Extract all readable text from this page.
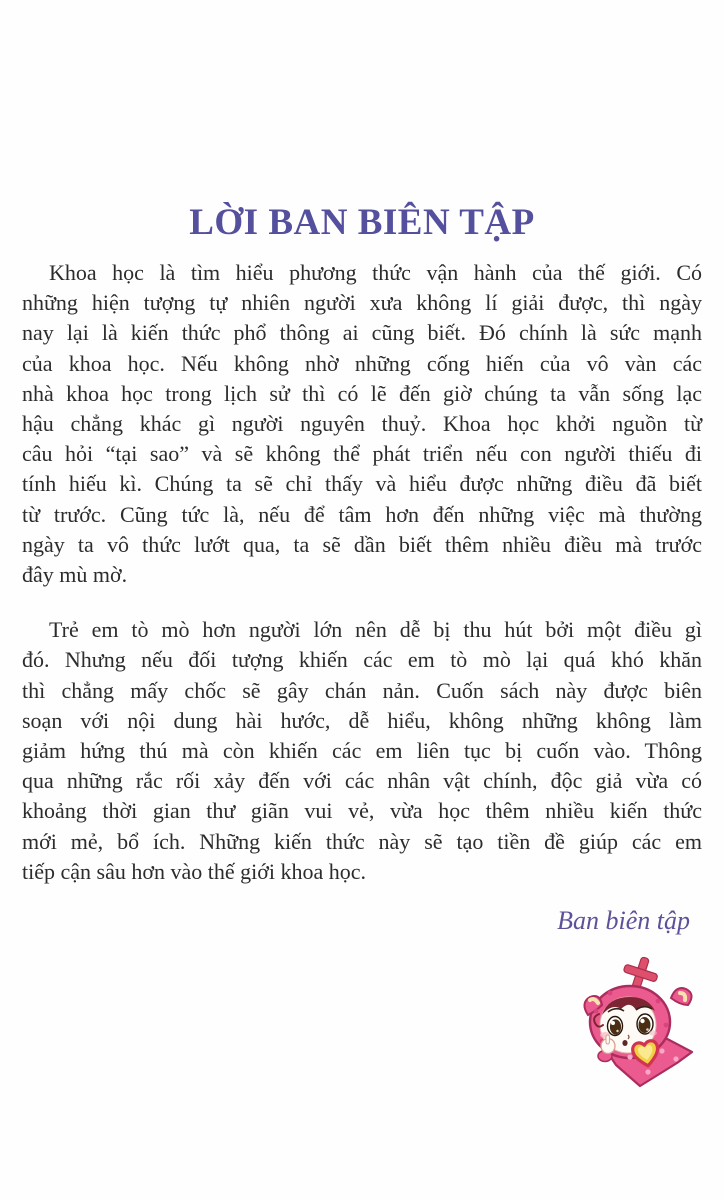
LỜI BAN BIÊN TẬP
Khoa học là tìm hiểu phương thức vận hành của thế giới. Có
những hiện tượng tự nhiên người xưa không lí giải được, thì ngày
nay lại là kiến thức phổ thông ai cũng biết. Đó chính là sức mạnh
của khoa học. Nếu không nhờ những cống hiến của vô vàn các
nhà khoa học trong lịch sử thì có lẽ đến giờ chúng ta vẫn sống lạc
hậu chẳng khác gì người nguyên thuỷ. Khoa học khởi nguồn từ
câu hỏi “tại sao” và sẽ không thể phát triển nếu con người thiếu đi
tính hiếu kì. Chúng ta sẽ chỉ thấy và hiểu được những điều đã biết
từ trước. Cũng tức là, nếu để tâm hơn đến những việc mà thường
ngày ta vô thức lướt qua, ta sẽ dần biết thêm nhiều điều mà trước
đây mù mờ.
Trẻ em tò mò hơn người lớn nên dễ bị thu hút bởi một điều gì
đó. Nhưng nếu đối tượng khiến các em tò mò lại quá khó khăn
thì chẳng mấy chốc sẽ gây chán nản. Cuốn sách này được biên
soạn với nội dung hài hước, dễ hiểu, không những không làm
giảm hứng thú mà còn khiến các em liên tục bị cuốn vào. Thông
qua những rắc rối xảy đến với các nhân vật chính, độc giả vừa có
khoảng thời gian thư giãn vui vẻ, vừa học thêm nhiều kiến thức
mới mẻ, bổ ích. Những kiến thức này sẽ tạo tiền đề giúp các em
tiếp cận sâu hơn vào thế giới khoa học.
Ban biên tập
